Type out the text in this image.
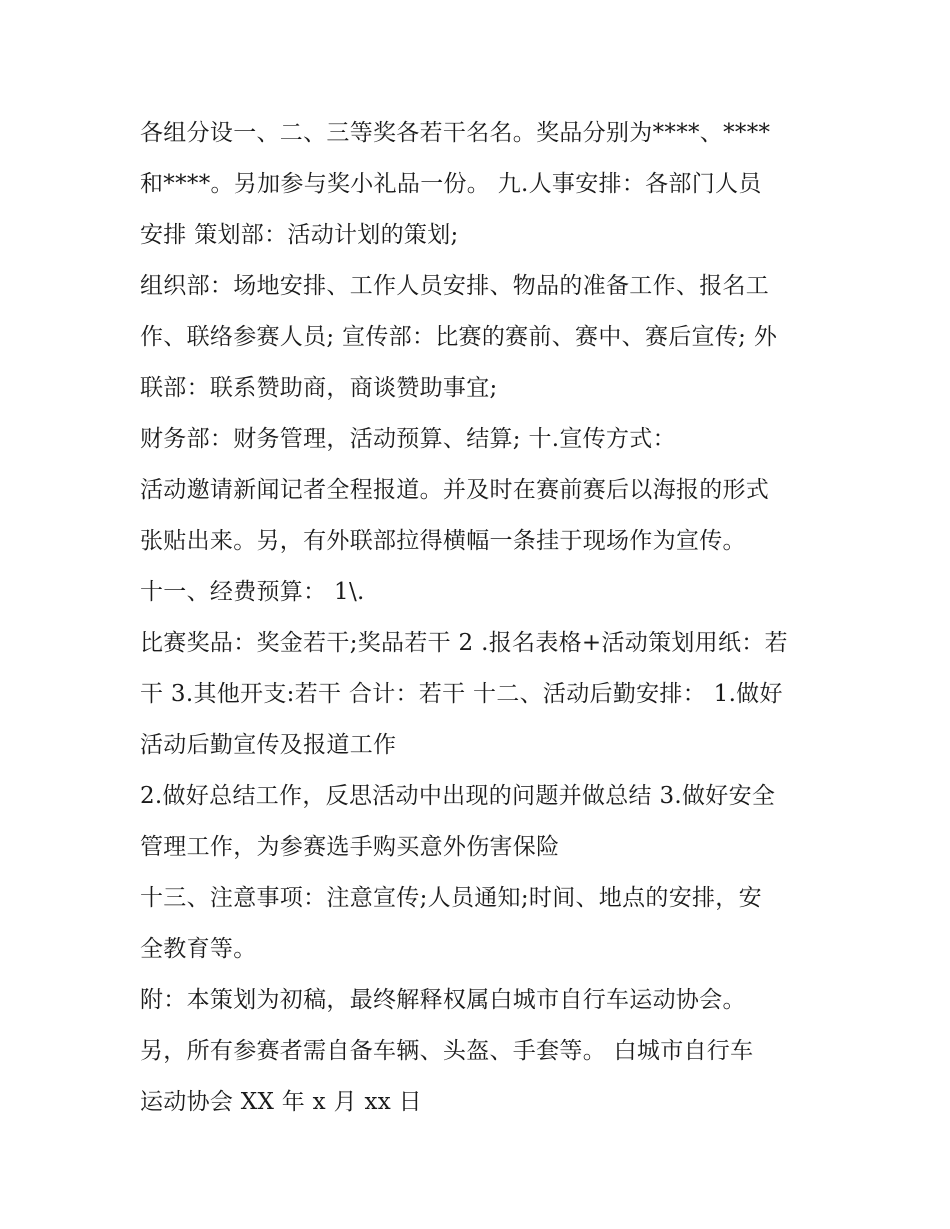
各组分设一、二、三等奖各若干名名。奖品分别为****、****
和****。另加参与奖小礼品一份。 九.人事安排：各部门人员
安排 策划部：活动计划的策划;
组织部：场地安排、工作人员安排、物品的准备工作、报名工
作、联络参赛人员; 宣传部：比赛的赛前、赛中、赛后宣传; 外
联部：联系赞助商，商谈赞助事宜;
财务部：财务管理，活动预算、结算; 十.宣传方式：
活动邀请新闻记者全程报道。并及时在赛前赛后以海报的形式
张贴出来。另，有外联部拉得横幅一条挂于现场作为宣传。
十一、经费预算： 1\.
比赛奖品：奖金若干;奖品若干 2 .报名表格+活动策划用纸：若
干 3.其他开支:若干 合计：若干 十二、活动后勤安排： 1.做好
活动后勤宣传及报道工作
2.做好总结工作，反思活动中出现的问题并做总结 3.做好安全
管理工作，为参赛选手购买意外伤害保险
十三、注意事项：注意宣传;人员通知;时间、地点的安排，安
全教育等。
附：本策划为初稿，最终解释权属白城市自行车运动协会。
另，所有参赛者需自备车辆、头盔、手套等。 白城市自行车
运动协会 XX 年 x 月 xx 日
